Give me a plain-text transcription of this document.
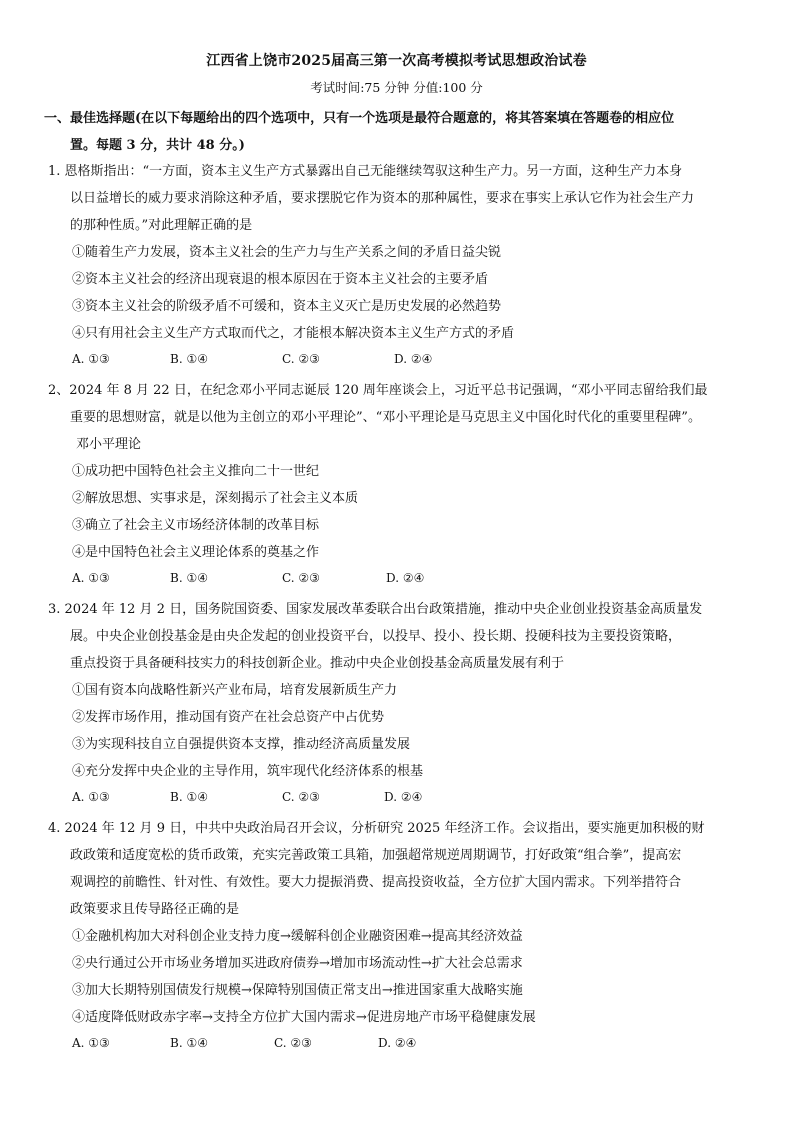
江西省上饶市2025届高三第一次高考模拟考试思想政治试卷
考试时间:75 分钟 分值:100 分
一、最佳选择题(在以下每题给出的四个选项中，只有一个选项是最符合题意的，将其答案填在答题卷的相应位
置。每题 3 分，共计 48 分。)
1. 恩格斯指出：“一方面，资本主义生产方式暴露出自己无能继续驾驭这种生产力。另一方面，这种生产力本身
以日益增长的威力要求消除这种矛盾，要求摆脱它作为资本的那种属性，要求在事实上承认它作为社会生产力
的那种性质。”对此理解正确的是
①随着生产力发展，资本主义社会的生产力与生产关系之间的矛盾日益尖锐
②资本主义社会的经济出现衰退的根本原因在于资本主义社会的主要矛盾
③资本主义社会的阶级矛盾不可缓和，资本主义灭亡是历史发展的必然趋势
④只有用社会主义生产方式取而代之，才能根本解决资本主义生产方式的矛盾
A. ①③	B. ①④	C. ②③	D. ②④
2、2024 年 8 月 22 日，在纪念邓小平同志诞辰 120 周年座谈会上，习近平总书记强调，“邓小平同志留给我们最
重要的思想财富，就是以他为主创立的邓小平理论”、“邓小平理论是马克思主义中国化时代化的重要里程碑”。
邓小平理论
①成功把中国特色社会主义推向二十一世纪
②解放思想、实事求是，深刻揭示了社会主义本质
③确立了社会主义市场经济体制的改革目标
④是中国特色社会主义理论体系的奠基之作
A. ①③	B. ①④	C. ②③	D. ②④
3. 2024 年 12 月 2 日，国务院国资委、国家发展改革委联合出台政策措施，推动中央企业创业投资基金高质量发
展。中央企业创投基金是由央企发起的创业投资平台，以投早、投小、投长期、投硬科技为主要投资策略，
重点投资于具备硬科技实力的科技创新企业。推动中央企业创投基金高质量发展有利于
①国有资本向战略性新兴产业布局，培育发展新质生产力
②发挥市场作用，推动国有资产在社会总资产中占优势
③为实现科技自立自强提供资本支撑，推动经济高质量发展
④充分发挥中央企业的主导作用，筑牢现代化经济体系的根基
A. ①③	B. ①④	C. ②③	D. ②④
4. 2024 年 12 月 9 日，中共中央政治局召开会议，分析研究 2025 年经济工作。会议指出，要实施更加积极的财
政政策和适度宽松的货币政策，充实完善政策工具箱，加强超常规逆周期调节，打好政策“组合拳”，提高宏
观调控的前瞻性、针对性、有效性。要大力提振消费、提高投资收益，全方位扩大国内需求。下列举措符合
政策要求且传导路径正确的是
①金融机构加大对科创企业支持力度→缓解科创企业融资困难→提高其经济效益
②央行通过公开市场业务增加买进政府债券→增加市场流动性→扩大社会总需求
③加大长期特别国债发行规模→保障特别国债正常支出→推进国家重大战略实施
④适度降低财政赤字率→支持全方位扩大国内需求→促进房地产市场平稳健康发展
A. ①③	B. ①④	C. ②③	D. ②④
